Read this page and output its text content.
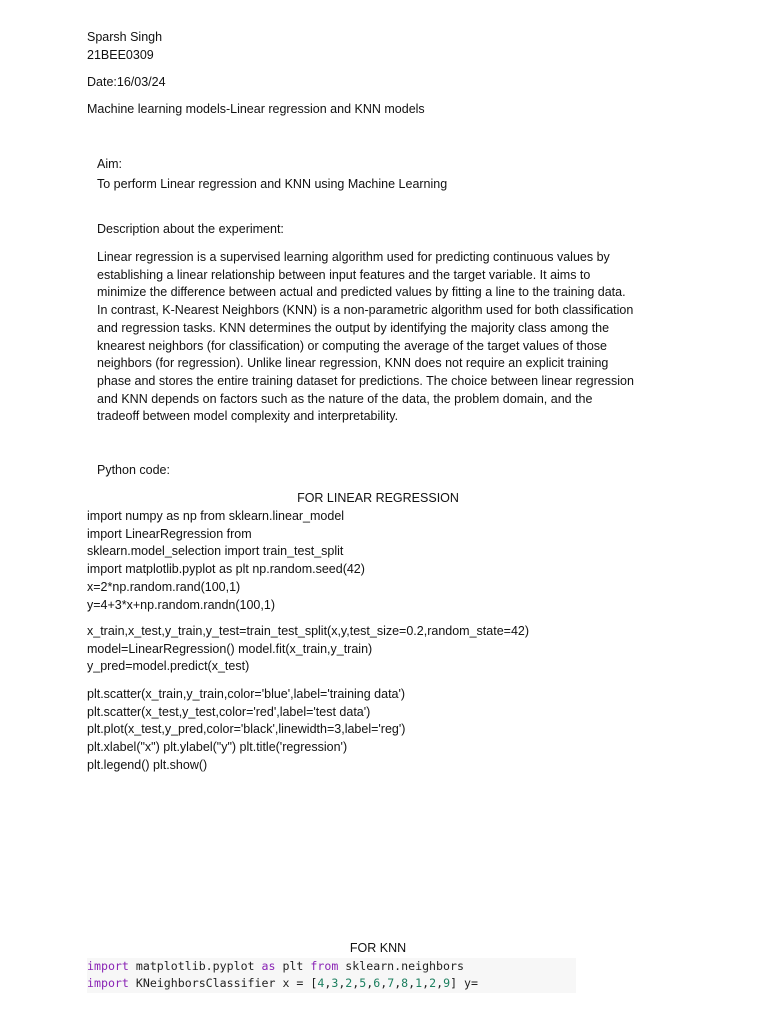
Sparsh Singh
21BEE0309
Date:16/03/24
Machine learning models-Linear regression and KNN models
Aim:
To perform Linear regression and KNN using Machine Learning
Description about the experiment:
Linear regression is a supervised learning algorithm used for predicting continuous values by
establishing a linear relationship between input features and the target variable. It aims to
minimize the difference between actual and predicted values by fitting a line to the training data.
In contrast, K-Nearest Neighbors (KNN) is a non-parametric algorithm used for both classification
and regression tasks. KNN determines the output by identifying the majority class among the
knearest neighbors (for classification) or computing the average of the target values of those
neighbors (for regression). Unlike linear regression, KNN does not require an explicit training
phase and stores the entire training dataset for predictions. The choice between linear regression
and KNN depends on factors such as the nature of the data, the problem domain, and the
tradeoff between model complexity and interpretability.
Python code:
FOR LINEAR REGRESSION
import numpy as np from sklearn.linear_model
import LinearRegression from
sklearn.model_selection import train_test_split
import matplotlib.pyplot as plt np.random.seed(42)
x=2*np.random.rand(100,1)
y=4+3*x+np.random.randn(100,1)
x_train,x_test,y_train,y_test=train_test_split(x,y,test_size=0.2,random_state=42)
model=LinearRegression() model.fit(x_train,y_train)
y_pred=model.predict(x_test)
plt.scatter(x_train,y_train,color='blue',label='training data')
plt.scatter(x_test,y_test,color='red',label='test data')
plt.plot(x_test,y_pred,color='black',linewidth=3,label='reg')
plt.xlabel("x") plt.ylabel("y") plt.title('regression')
plt.legend() plt.show()
FOR KNN
import matplotlib.pyplot as plt from sklearn.neighbors
import KNeighborsClassifier x = [4,3,2,5,6,7,8,1,2,9] y=
